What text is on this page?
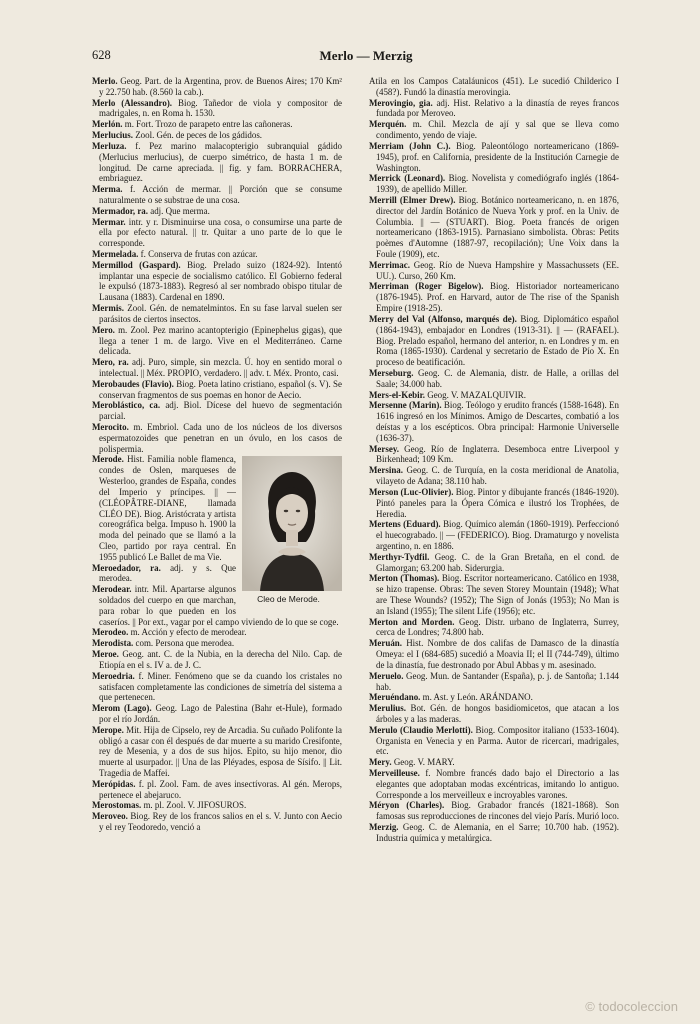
628	Merlo — Merzig

Merlo. Geog. Part. de la Argentina, prov. de Buenos Aires; 170 Km² y 22.750 hab. (8.560 la cab.).

Merlo (Alessandro). Biog. Tañedor de viola y compositor de madrigales, n. en Roma h. 1530.

Merlón. m. Fort. Trozo de parapeto entre las cañoneras.

Merlucius. Zool. Gén. de peces de los gádidos.

Merluza. f. Pez marino malacopterigio subranquial gádido (Merlucius merlucius), de cuerpo simétrico, de hasta 1 m. de longitud. De carne apreciada. || fig. y fam. BORRACHERA, embriaguez.

Merma. f. Acción de mermar. || Porción que se consume naturalmente o se substrae de una cosa.

Mermador, ra. adj. Que merma.

Mermar. intr. y r. Disminuirse una cosa, o consumirse una parte de ella por efecto natural. || tr. Quitar a uno parte de lo que le corresponde.

Mermelada. f. Conserva de frutas con azúcar.

Mermillod (Gaspard). Biog. Prelado suizo (1824-92). Intentó implantar una especie de socialismo católico. El Gobierno federal le expulsó (1873-1883). Regresó al ser nombrado obispo titular de Lausana (1883). Cardenal en 1890.

Mermis. Zool. Gén. de nematelmintos. En su fase larval suelen ser parásitos de ciertos insectos.

Mero. m. Zool. Pez marino acantopterigio (Epinephelus gigas), que llega a tener 1 m. de largo. Vive en el Mediterráneo. Carne delicada.

Mero, ra. adj. Puro, simple, sin mezcla. Ú. hoy en sentido moral o intelectual. || Méx. PROPIO, verdadero. || adv. t. Méx. Pronto, casi.

Merobaudes (Flavio). Biog. Poeta latino cristiano, español (s. V). Se conservan fragmentos de sus poemas en honor de Aecio.

Meroblástico, ca. adj. Biol. Dícese del huevo de segmentación parcial.

Merocito. m. Embriol. Cada uno de los núcleos de los diversos espermatozoides que penetran en un óvulo, en los casos de polispermia.

Cleo de Merode.
Merode. Hist. Familia noble flamenca, condes de Oslen, marqueses de Westerloo, grandes de España, condes del Imperio y príncipes. || — (CLÉOPÂTRE-DIANE, llamada CLÉO DE). Biog. Aristócrata y artista coreográfica belga. Impuso h. 1900 la moda del peinado que se llamó a la Cleo, partido por raya central. En 1955 publicó Le Ballet de ma Vie.

Meroedador, ra. adj. y s. Que merodea.

Merodear. intr. Mil. Apartarse algunos soldados del cuerpo en que marchan, para robar lo que pueden en los caseríos. || Por ext., vagar por el campo viviendo de lo que se coge.

Merodeo. m. Acción y efecto de merodear.

Merodista. com. Persona que merodea.

Meroe. Geog. ant. C. de la Nubia, en la derecha del Nilo. Cap. de Etiopía en el s. IV a. de J. C.

Meroedria. f. Miner. Fenómeno que se da cuando los cristales no satisfacen completamente las condiciones de simetría del sistema a que pertenecen.

Merom (Lago). Geog. Lago de Palestina (Bahr et-Hule), formado por el río Jordán.

Merope. Mit. Hija de Cipselo, rey de Arcadia. Su cuñado Polifonte la obligó a casar con él después de dar muerte a su marido Cresifonte, rey de Mesenia, y a dos de sus hijos. Epito, su hijo menor, dio muerte al usurpador. || Una de las Pléyades, esposa de Sísifo. || Lit. Tragedia de Maffei.

Merópidas. f. pl. Zool. Fam. de aves insectívoras. Al gén. Merops, pertenece el abejaruco.

Merostomas. m. pl. Zool. V. JIFOSUROS.

Meroveo. Biog. Rey de los francos salios en el s. V. Junto con Aecio y el rey Teodoredo, venció a

Atila en los Campos Cataláunicos (451). Le sucedió Childerico I (458?). Fundó la dinastía merovingia.

Merovingio, gia. adj. Hist. Relativo a la dinastía de reyes francos fundada por Meroveo.

Merquén. m. Chil. Mezcla de ají y sal que se lleva como condimento, yendo de viaje.

Merriam (John C.). Biog. Paleontólogo norteamericano (1869-1945), prof. en California, presidente de la Institución Carnegie de Washington.

Merrick (Leonard). Biog. Novelista y comediógrafo inglés (1864-1939), de apellido Miller.

Merrill (Elmer Drew). Biog. Botánico norteamericano, n. en 1876, director del Jardín Botánico de Nueva York y prof. en la Univ. de Columbia. || — (STUART). Biog. Poeta francés de origen norteamericano (1863-1915). Parnasiano simbolista. Obras: Petits poèmes d'Automne (1887-97, recopilación); Une Voix dans la Foule (1909), etc.

Merrimac. Geog. Río de Nueva Hampshire y Massachussets (EE. UU.). Curso, 260 Km.

Merriman (Roger Bigelow). Biog. Historiador norteamericano (1876-1945). Prof. en Harvard, autor de The rise of the Spanish Empire (1918-25).

Merry del Val (Alfonso, marqués de). Biog. Diplomático español (1864-1943), embajador en Londres (1913-31). || — (RAFAEL). Biog. Prelado español, hermano del anterior, n. en Londres y m. en Roma (1865-1930). Cardenal y secretario de Estado de Pío X. En proceso de beatificación.

Merseburg. Geog. C. de Alemania, distr. de Halle, a orillas del Saale; 34.000 hab.

Mers-el-Kebir. Geog. V. MAZALQUIVIR.

Mersenne (Marin). Biog. Teólogo y erudito francés (1588-1648). En 1616 ingresó en los Mínimos. Amigo de Descartes, combatió a los deístas y a los escépticos. Obra principal: Harmonie Universelle (1636-37).

Mersey. Geog. Río de Inglaterra. Desemboca entre Liverpool y Birkenhead; 109 Km.

Mersina. Geog. C. de Turquía, en la costa meridional de Anatolia, vilayeto de Adana; 38.110 hab.

Merson (Luc-Olivier). Biog. Pintor y dibujante francés (1846-1920). Pintó paneles para la Ópera Cómica e ilustró los Trophées, de Heredia.

Mertens (Eduard). Biog. Químico alemán (1860-1919). Perfeccionó el huecograbado. || — (FEDERICO). Biog. Dramaturgo y novelista argentino, n. en 1886.

Merthyr-Tydfil. Geog. C. de la Gran Bretaña, en el cond. de Glamorgan; 63.200 hab. Siderurgia.

Merton (Thomas). Biog. Escritor norteamericano. Católico en 1938, se hizo trapense. Obras: The seven Storey Mountain (1948); What are These Wounds? (1952); The Sign of Jonás (1953); No Man is an Island (1955); The silent Life (1956); etc.

Merton and Morden. Geog. Distr. urbano de Inglaterra, Surrey, cerca de Londres; 74.800 hab.

Meruán. Hist. Nombre de dos califas de Damasco de la dinastía Omeya: el I (684-685) sucedió a Moavia II; el II (744-749), último de la dinastía, fue destronado por Abul Abbas y m. asesinado.

Meruelo. Geog. Mun. de Santander (España), p. j. de Santoña; 1.144 hab.

Meruéndano. m. Ast. y León. ARÁNDANO.

Merulius. Bot. Gén. de hongos basidiomicetos, que atacan a los árboles y a las maderas.

Merulo (Claudio Merlotti). Biog. Compositor italiano (1533-1604). Organista en Venecia y en Parma. Autor de ricercari, madrigales, etc.

Mery. Geog. V. MARY.

Merveilleuse. f. Nombre francés dado bajo el Directorio a las elegantes que adoptaban modas excéntricas, imitando lo antiguo. Corresponde a los merveilleux e incroyables varones.

Méryon (Charles). Biog. Grabador francés (1821-1868). Son famosas sus reproducciones de rincones del viejo París. Murió loco.

Merzig. Geog. C. de Alemania, en el Sarre; 10.700 hab. (1952). Industria química y metalúrgica.

© todocoleccion
